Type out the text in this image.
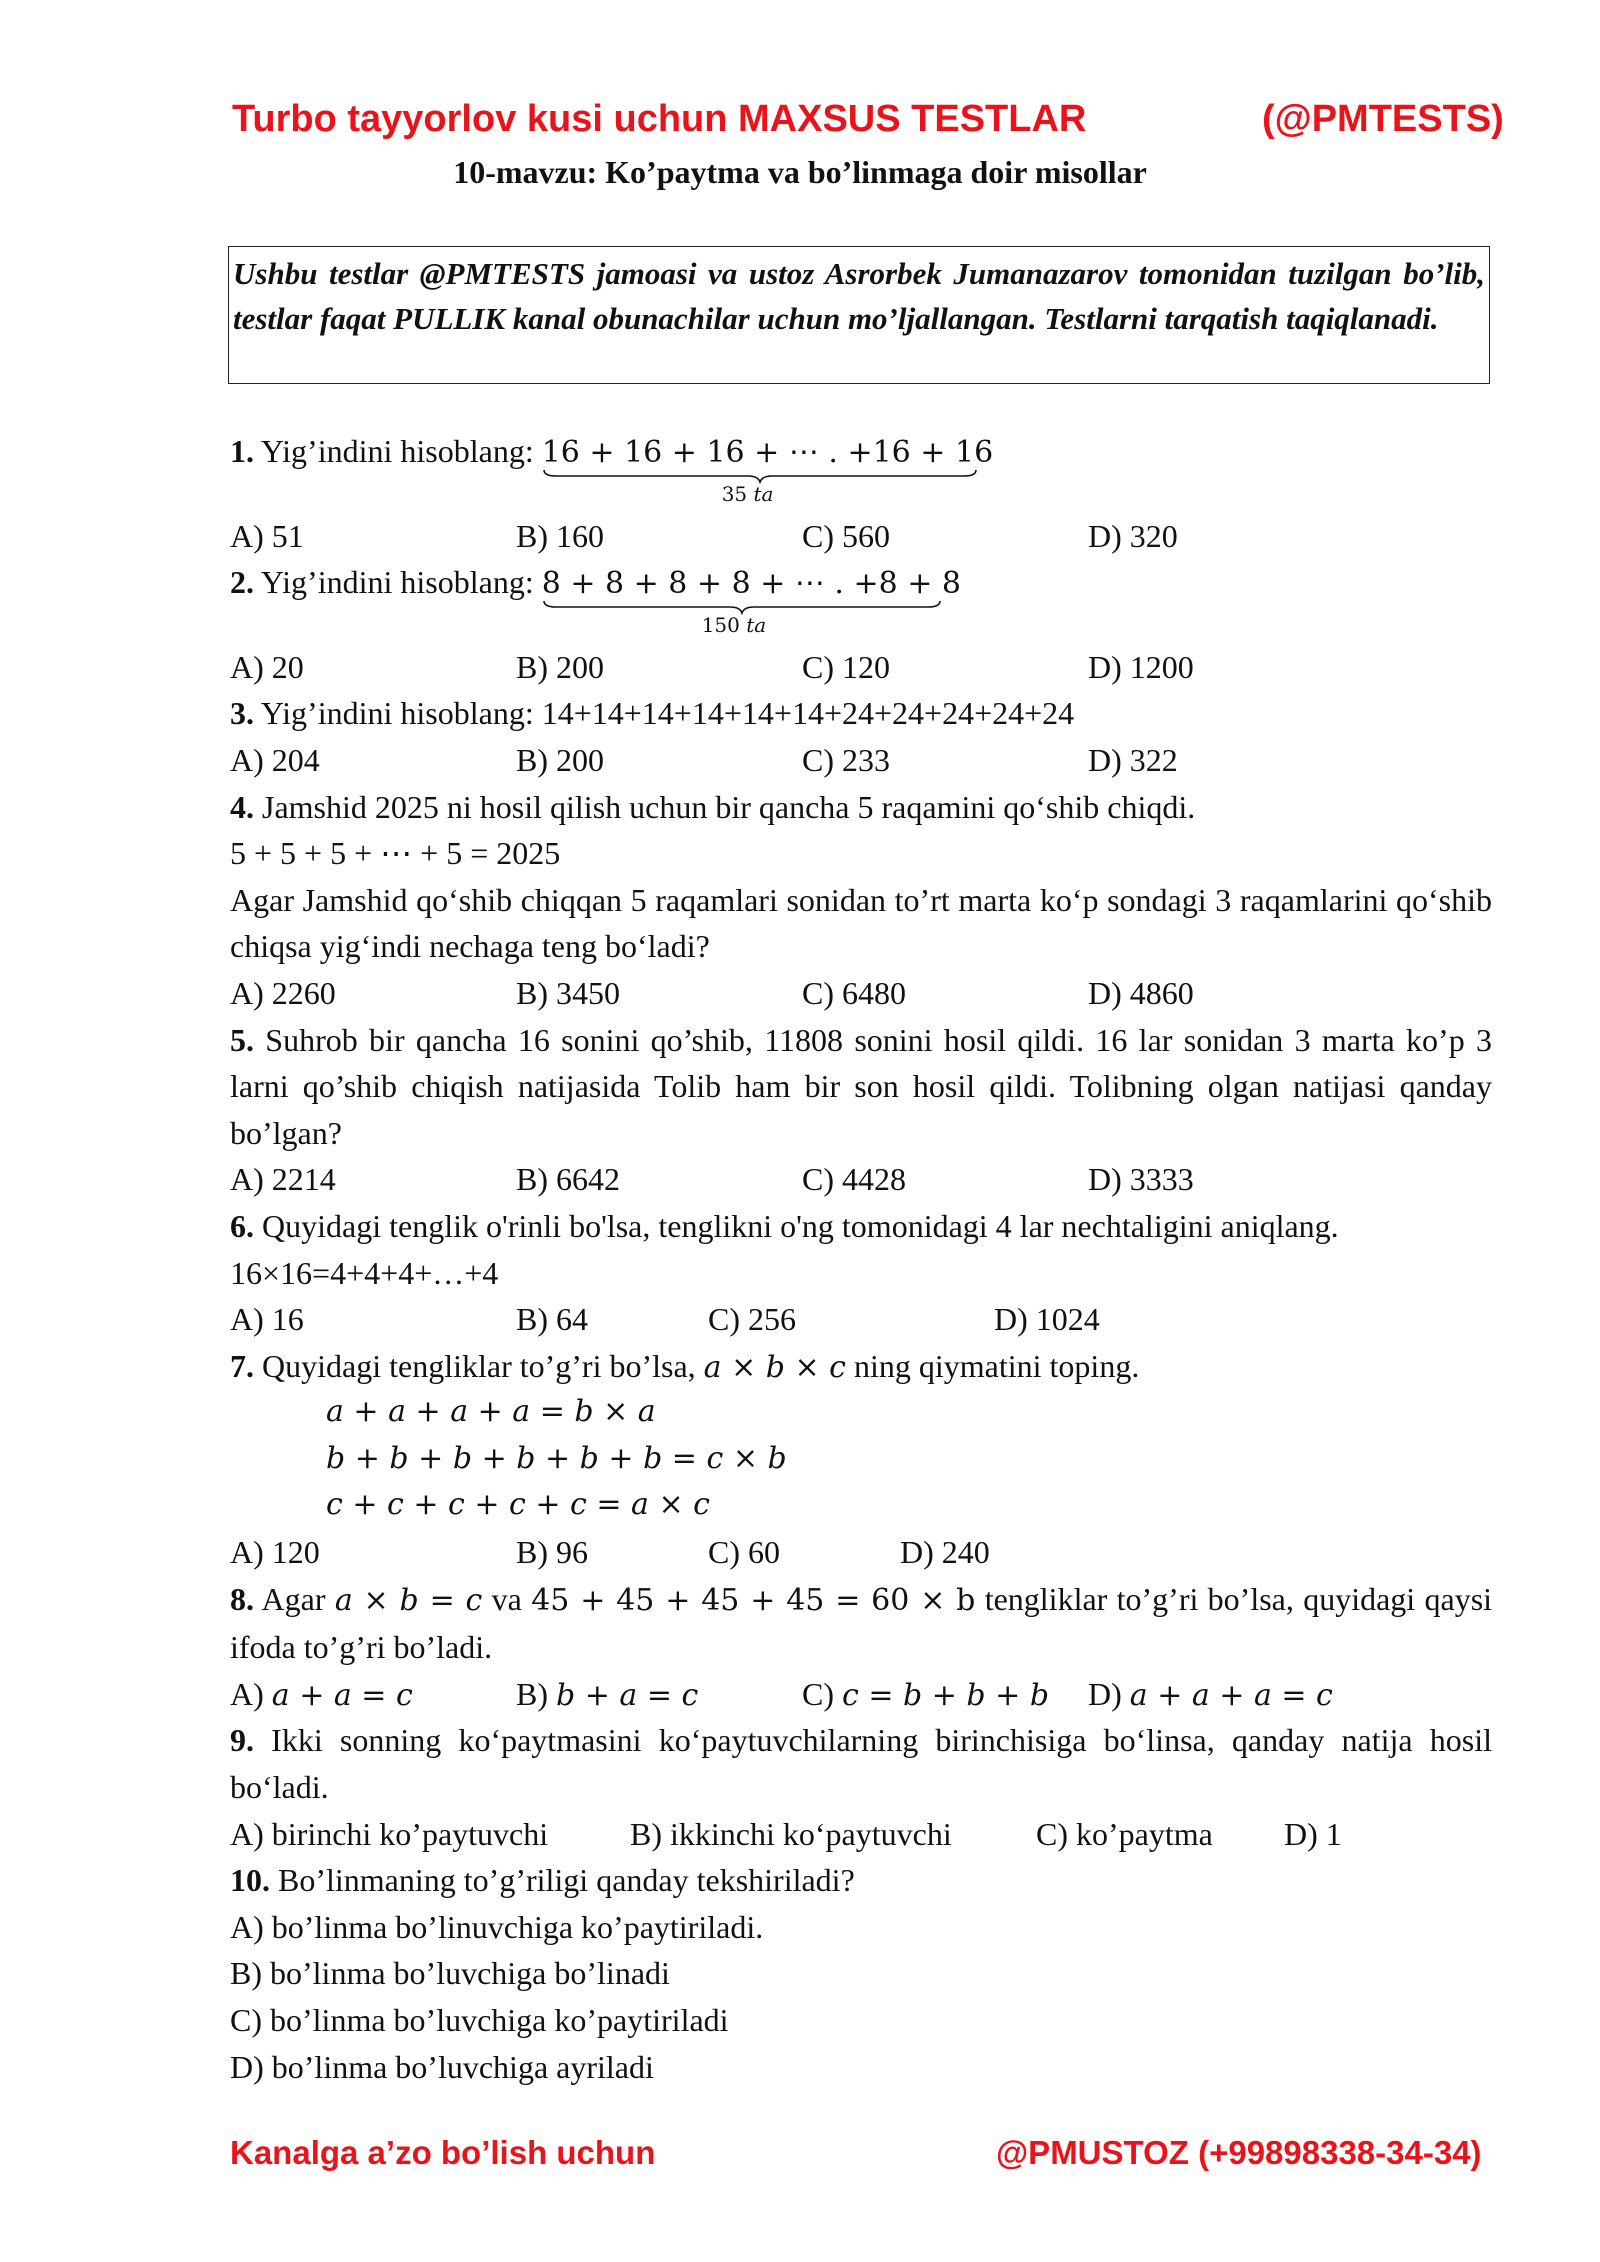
Turbo tayyorlov kusi uchun MAXSUS TESTLAR	(@PMTESTS)
10-mavzu: Ko’paytma va bo’linmaga doir misollar
Ushbu testlar @PMTESTS jamoasi va ustoz Asrorbek Jumanazarov tomonidan tuzilgan bo’lib, testlar faqat PULLIK kanal obunachilar uchun mo’ljallangan. Testlarni tarqatish taqiqlanadi.
1. Yig’indini hisoblang: 16 + 16 + 16 + ⋯ . +16 + 16
35 ta
A) 51	B) 160	C) 560	D) 320
2. Yig’indini hisoblang: 8 + 8 + 8 + 8 + ⋯ . +8 + 8
150 ta
A) 20	B) 200	C) 120	D) 1200
3. Yig’indini hisoblang: 14+14+14+14+14+14+24+24+24+24+24
A) 204	B) 200	C) 233	D) 322
4. Jamshid 2025 ni hosil qilish uchun bir qancha 5 raqamini qo‘shib chiqdi.
5 + 5 + 5 + ⋯ + 5 = 2025
Agar Jamshid qo‘shib chiqqan 5 raqamlari sonidan to’rt marta ko‘p sondagi 3 raqamlarini qo‘shib chiqsa yig‘indi nechaga teng bo‘ladi?
A) 2260	B) 3450	C) 6480	D) 4860
5. Suhrob bir qancha 16 sonini qo’shib, 11808 sonini hosil qildi. 16 lar sonidan 3 marta ko’p 3 larni qo’shib chiqish natijasida Tolib ham bir son hosil qildi. Tolibning olgan natijasi qanday bo’lgan?
A) 2214	B) 6642	C) 4428	D) 3333
6. Quyidagi tenglik o'rinli bo'lsa, tenglikni o'ng tomonidagi 4 lar nechtaligini aniqlang.
16×16=4+4+4+…+4
A) 16	B) 64	C) 256	D) 1024
7. Quyidagi tengliklar to’g’ri bo’lsa, a × b × c ning qiymatini toping.
a + a + a + a = b × a
b + b + b + b + b + b = c × b
c + c + c + c + c = a × c
A) 120	B) 96	C) 60	D) 240
8. Agar a × b = c va 45 + 45 + 45 + 45 = 60 × b tengliklar to’g’ri bo’lsa, quyidagi qaysi ifoda to’g’ri bo’ladi.
A) a + a = c	B) b + a = c	C) c = b + b + b D) a + a + a = c
9. Ikki sonning ko‘paytmasini ko‘paytuvchilarning birinchisiga bo‘linsa, qanday natija hosil bo‘ladi.
A) birinchi ko’paytuvchi	B) ikkinchi ko‘paytuvchi	C) ko’paytma D) 1
10. Bo’linmaning to’g’riligi qanday tekshiriladi?
A) bo’linma bo’linuvchiga ko’paytiriladi.
B) bo’linma bo’luvchiga bo’linadi
C) bo’linma bo’luvchiga ko’paytiriladi
D) bo’linma bo’luvchiga ayriladi
Kanalga a’zo bo’lish uchun	@PMUSTOZ (+99898338-34-34)
